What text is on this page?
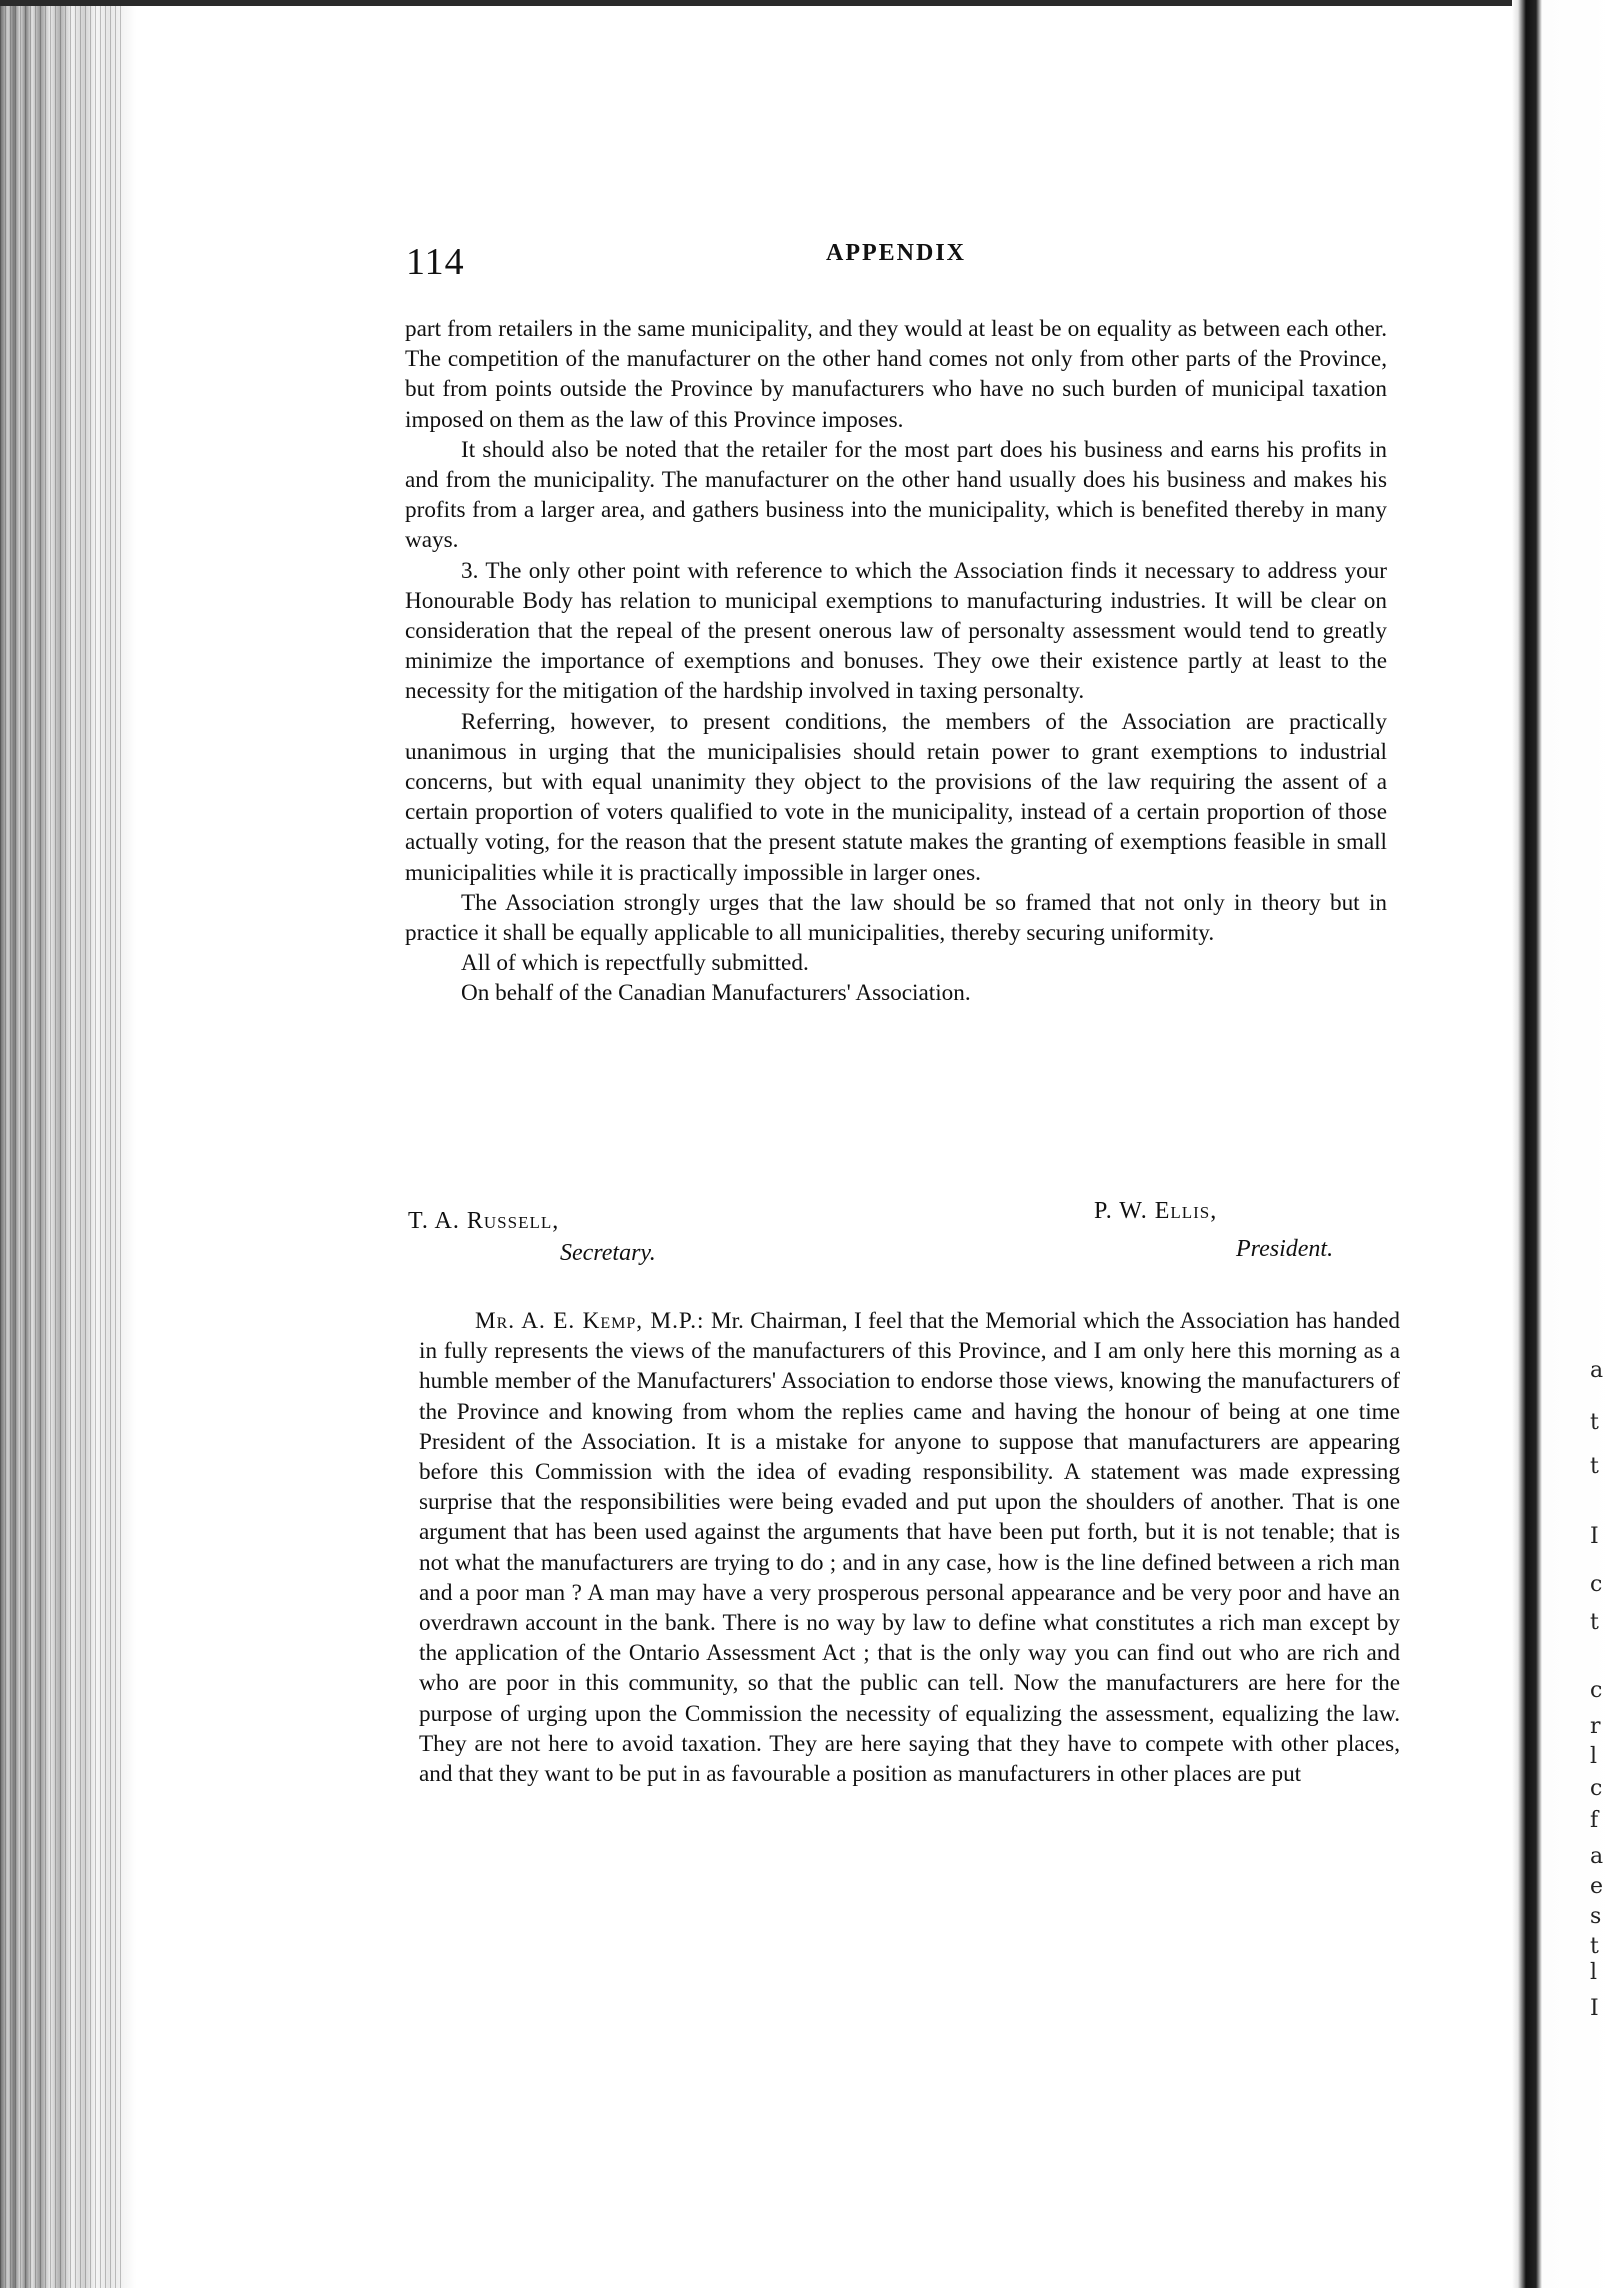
114	APPENDIX

part from retailers in the same municipality, and they would at least be on equality as between each other. The competition of the manufacturer on the other hand comes not only from other parts of the Province, but from points outside the Province by manufacturers who have no such burden of municipal taxation imposed on them as the law of this Province imposes.

It should also be noted that the retailer for the most part does his business and earns his profits in and from the municipality. The manufacturer on the other hand usually does his business and makes his profits from a larger area, and gathers business into the municipality, which is benefited thereby in many ways.

3. The only other point with reference to which the Association finds it necessary to address your Honourable Body has relation to municipal exemptions to manufacturing industries. It will be clear on consideration that the repeal of the present onerous law of personalty assessment would tend to greatly minimize the importance of exemptions and bonuses. They owe their existence partly at least to the necessity for the mitigation of the hardship involved in taxing personalty.

Referring, however, to present conditions, the members of the Association are practically unanimous in urging that the municipalisies should retain power to grant exemptions to industrial concerns, but with equal unanimity they object to the provisions of the law requiring the assent of a certain proportion of voters qualified to vote in the municipality, instead of a certain proportion of those actually voting, for the reason that the present statute makes the granting of exemptions feasible in small municipalities while it is practically impossible in larger ones.

The Association strongly urges that the law should be so framed that not only in theory but in practice it shall be equally applicable to all municipalities, thereby securing uniformity.

All of which is repectfully submitted.

On behalf of the Canadian Manufacturers' Association.

T. A. Russell,
Secretary.
P. W. Ellis,
President.

Mr. A. E. Kemp, M.P.: Mr. Chairman, I feel that the Memorial which the Association has handed in fully represents the views of the manufacturers of this Province, and I am only here this morning as a humble member of the Manufacturers' Association to endorse those views, knowing the manufacturers of the Province and knowing from whom the replies came and having the honour of being at one time President of the Association. It is a mistake for anyone to suppose that manufacturers are appearing before this Commission with the idea of evading responsibility. A statement was made expressing surprise that the responsibilities were being evaded and put upon the shoulders of another. That is one argument that has been used against the arguments that have been put forth, but it is not tenable; that is not what the manufacturers are trying to do ; and in any case, how is the line defined between a rich man and a poor man ? A man may have a very prosperous personal appearance and be very poor and have an overdrawn account in the bank. There is no way by law to define what constitutes a rich man except by the application of the Ontario Assessment Act ; that is the only way you can find out who are rich and who are poor in this community, so that the public can tell. Now the manufacturers are here for the purpose of urging upon the Commission the necessity of equalizing the assessment, equalizing the law. They are not here to avoid taxation. They are here saying that they have to compete with other places, and that they want to be put in as favourable a position as manufacturers in other places are put

a
t
t
I
c
t
c
r
l
c
f
a
e
s
t
l
I
